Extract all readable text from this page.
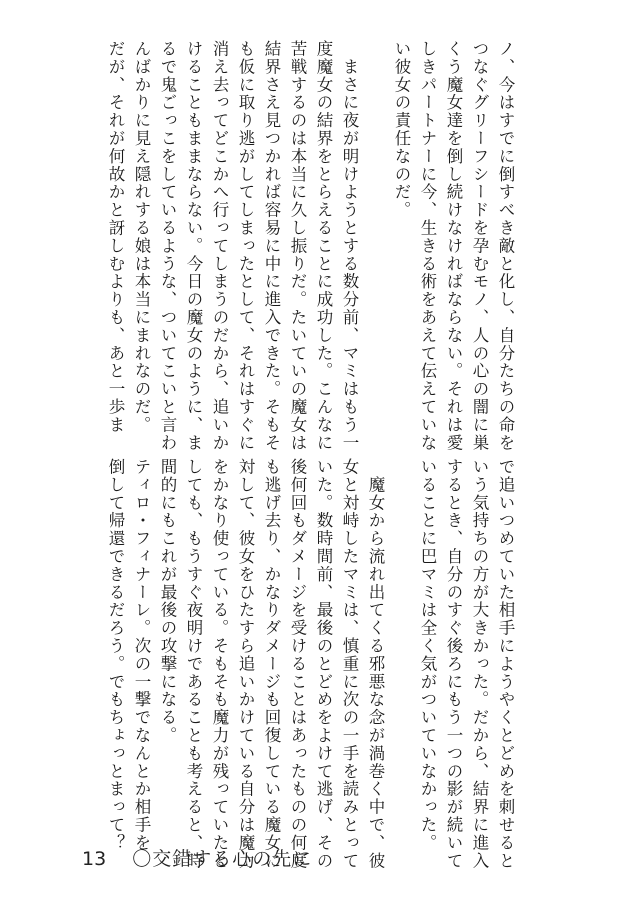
ノ、今はすでに倒すべき敵と化し、自分たちの命を
つなぐグリーフシードを孕むモノ、人の心の闇に巣
くう魔女達を倒し続けなければならない。それは愛
しきパートナーに今、生きる術をあえて伝えていな
い彼女の責任なのだ。

　まさに夜が明けようとする数分前、マミはもう一
度魔女の結界をとらえることに成功した。こんなに
苦戦するのは本当に久し振りだ。たいていの魔女は
結界さえ見つかれば容易に中に進入できた。そもそ
も仮に取り逃がしてしまったとして、それはすぐに
消え去ってどこかへ行ってしまうのだから、追いか
けることもままならない。今日の魔女のように、ま
るで鬼ごっこをしているような、ついてこいと言わ
んばかりに見え隠れする娘は本当にまれなのだ。
だが、それが何故かと訝しむよりも、あと一歩ま

で追いつめていた相手にようやくとどめを刺せると
いう気持ちの方が大きかった。だから、結界に進入
するとき、自分のすぐ後ろにもう一つの影が続いて
いることに巴マミは全く気がついていなかった。

　魔女から流れ出てくる邪悪な念が渦巻く中で、彼
女と対峙したマミは、慎重に次の一手を読みとって
いた。数時間前、最後のとどめをよけて逃げ、その
後何回もダメージを受けることはあったものの何度
も逃げ去り、かなりダメージも回復している魔女に
対して、彼女をひたすら追いかけている自分は魔力
をかなり使っている。そもそも魔力が残っていたと
しても、もうすぐ夜明けであることも考えると、時
間的にもこれが最後の攻撃になる。
ティロ・フィナーレ。次の一撃でなんとか相手を
倒して帰還できるだろう。でもちょっとまって？

13 〇交錯する心の先に
